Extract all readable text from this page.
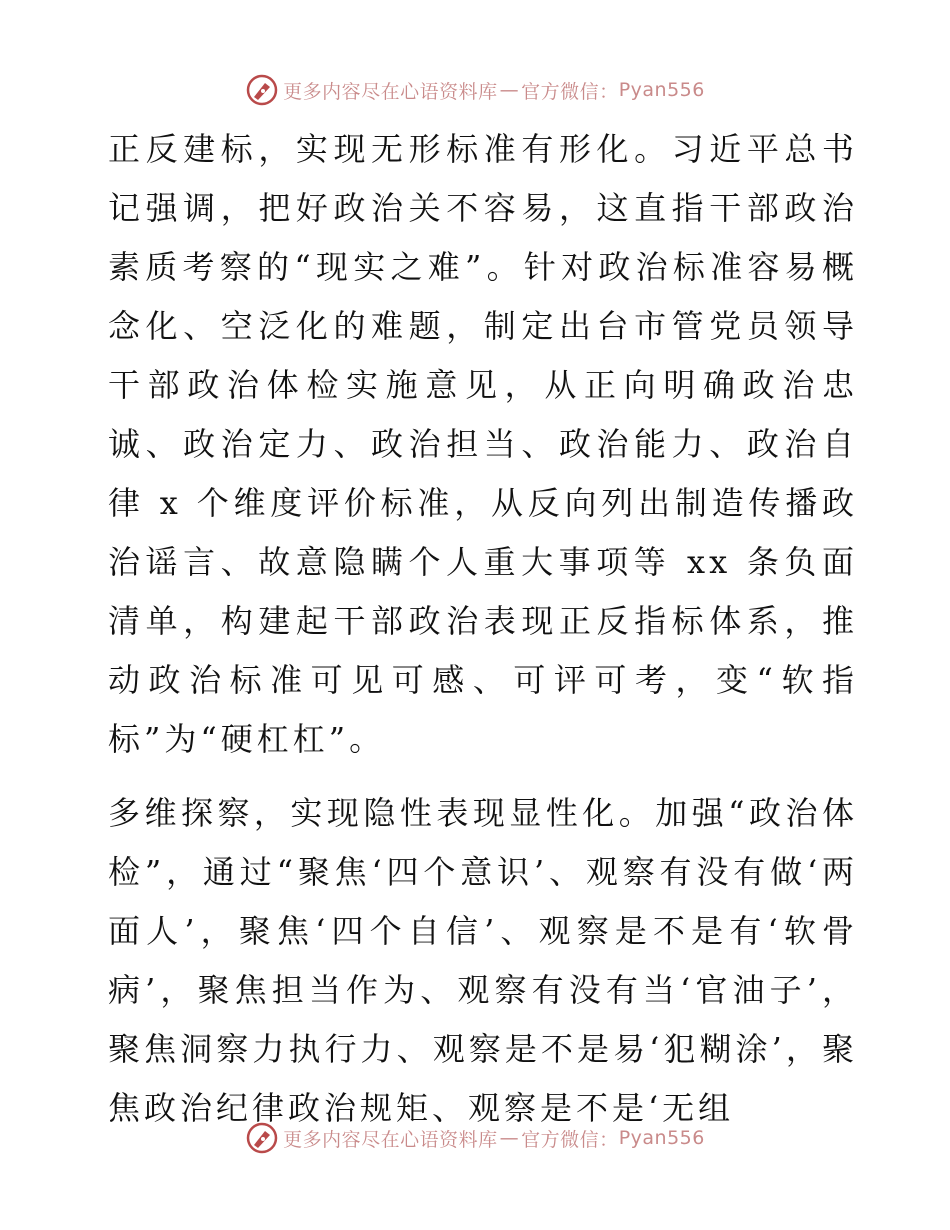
更多内容尽在心语资料库 — 官方微信： Pyan556

正反建标，实现无形标准有形化。习近平总书记强调，把好政治关不容易，这直指干部政治素质考察的“现实之难”。针对政治标准容易概念化、空泛化的难题，制定出台市管党员领导干部政治体检实施意见，从正向明确政治忠诚、政治定力、政治担当、政治能力、政治自律 x 个维度评价标准，从反向列出制造传播政治谣言、故意隐瞒个人重大事项等 xx 条负面清单，构建起干部政治表现正反指标体系，推动政治标准可见可感、可评可考，变“软指标”为“硬杠杠”。

多维探察，实现隐性表现显性化。加强“政治体检”，通过“聚焦‘四个意识’、观察有没有做‘两面人’，聚焦‘四个自信’、观察是不是有‘软骨病’，聚焦担当作为、观察有没有当‘官油子’，聚焦洞察力执行力、观察是不是易‘犯糊涂’，聚焦政治纪律政治规矩、观察是不是‘无组

更多内容尽在心语资料库 — 官方微信： Pyan556
